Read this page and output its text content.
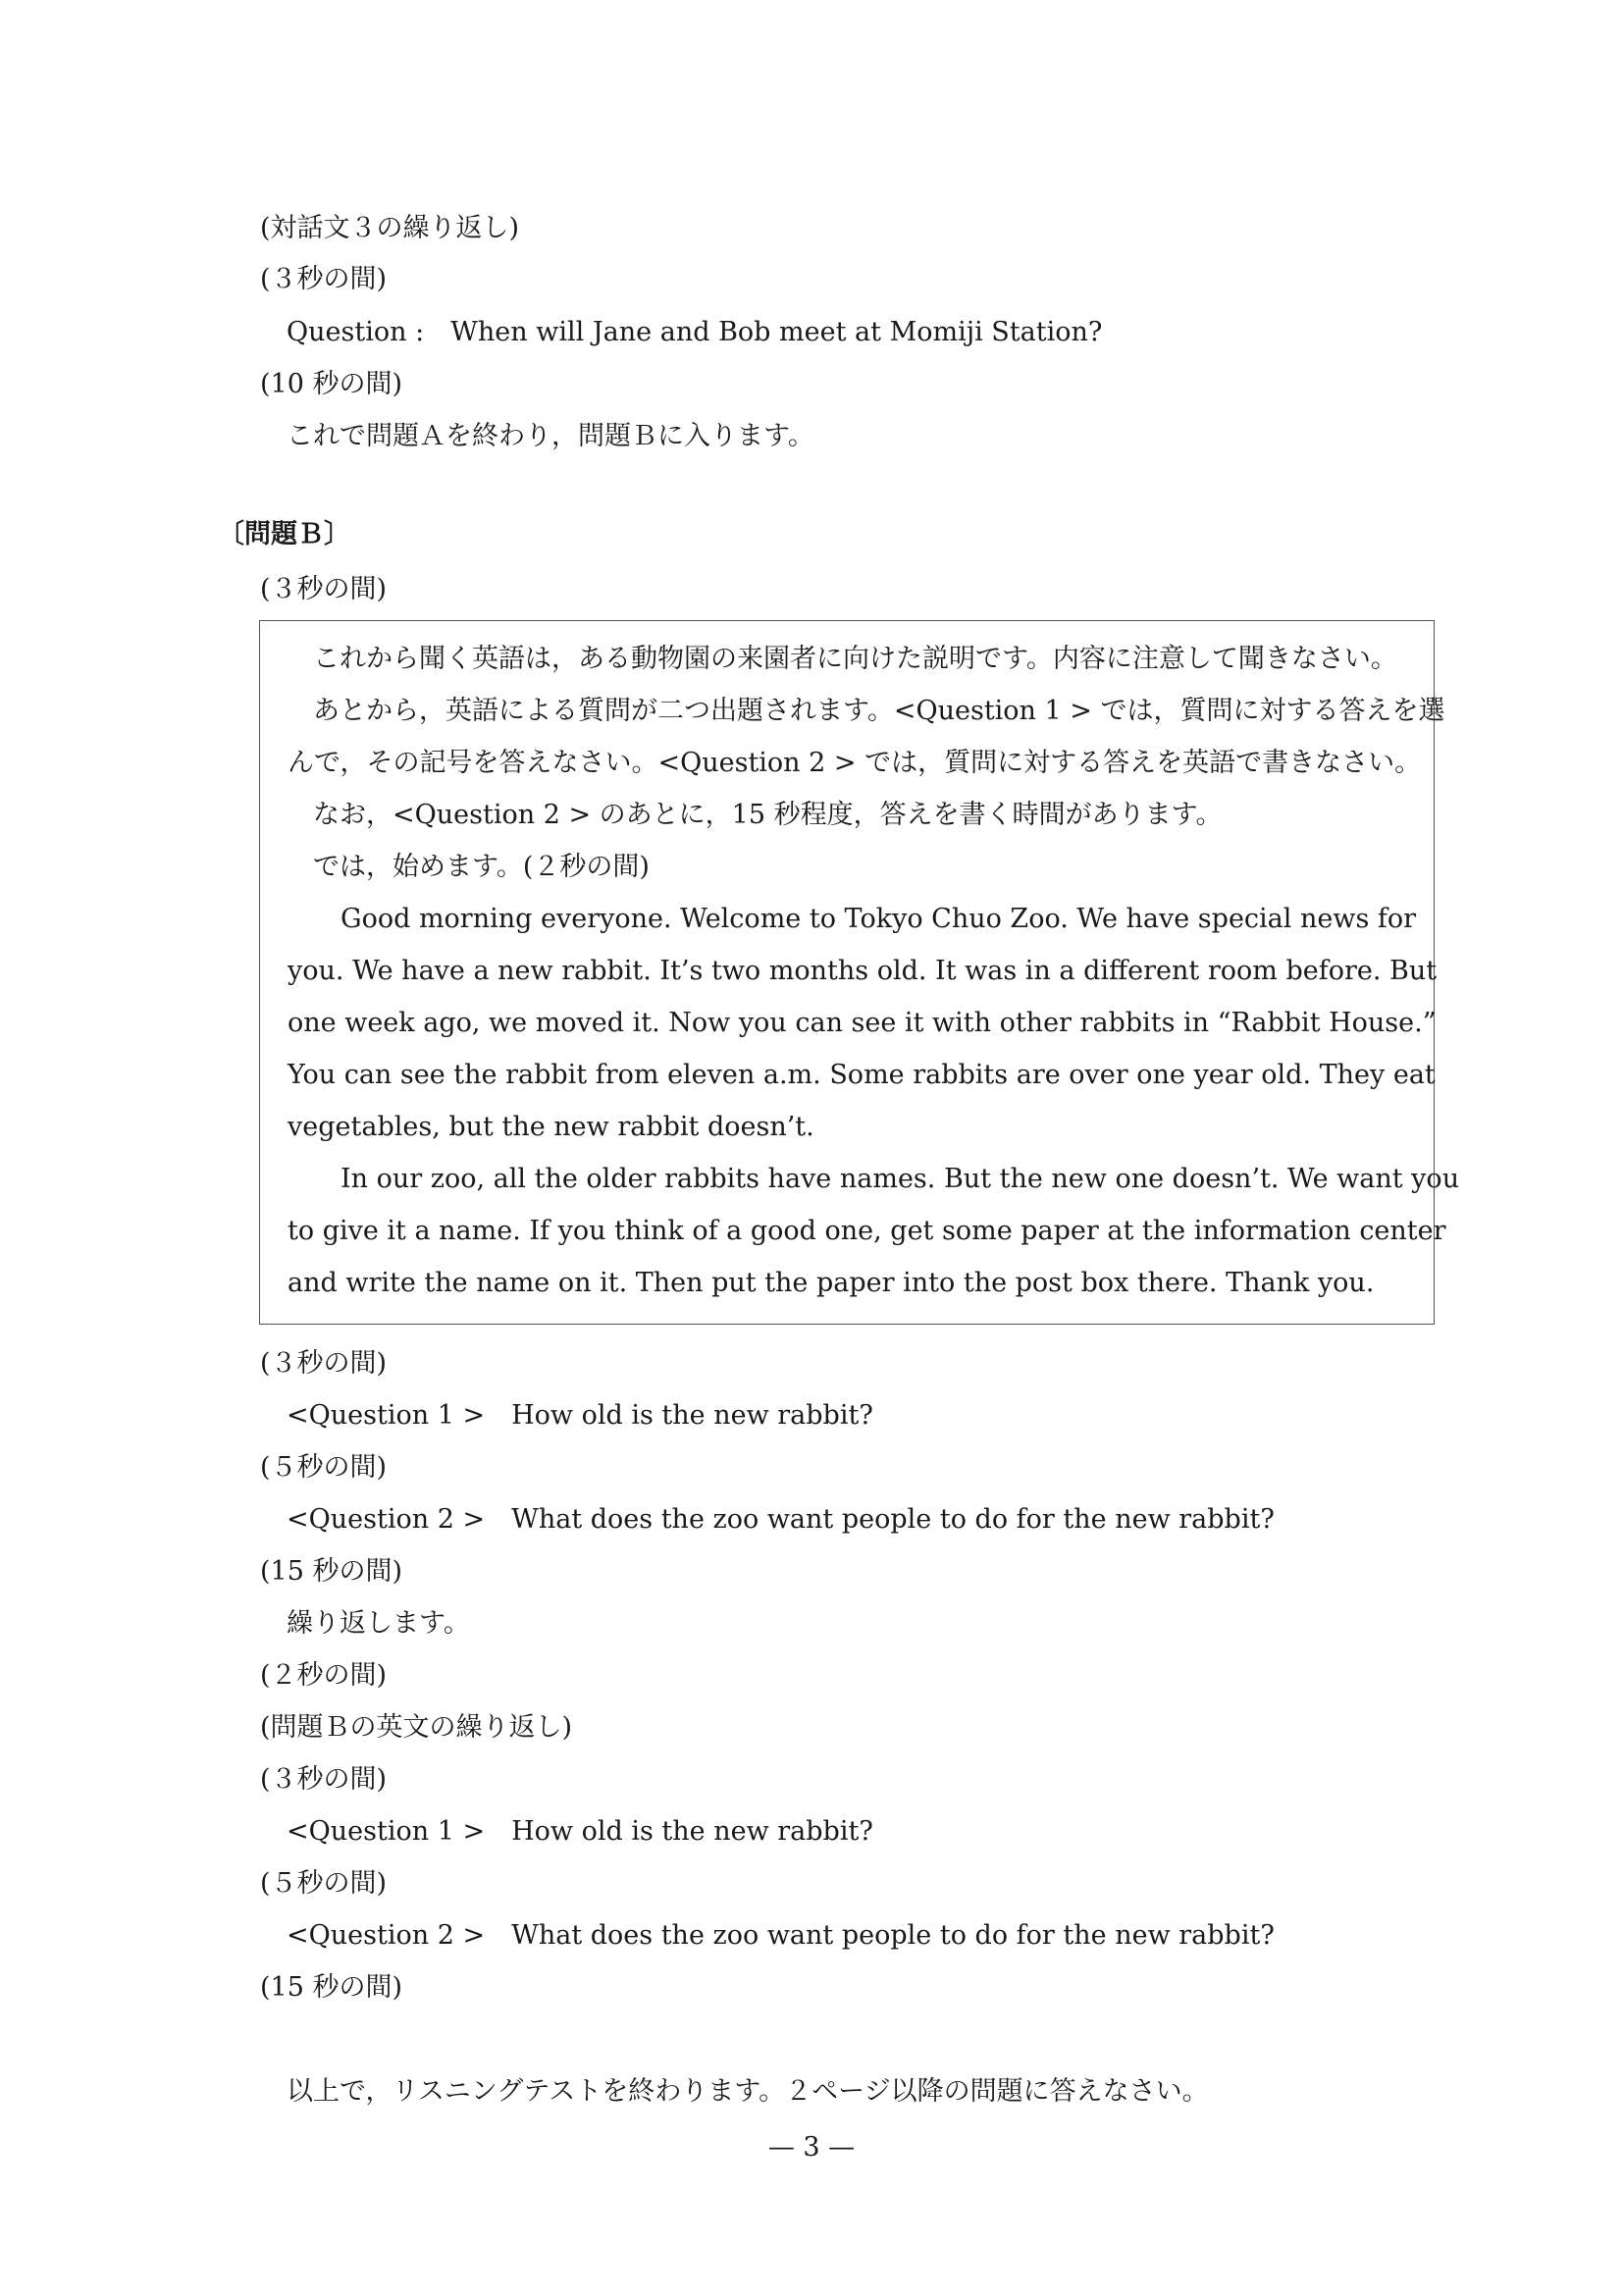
(対話文３の繰り返し)
(３秒の間)
Question :　When will Jane and Bob meet at Momiji Station?
(10 秒の間)
これで問題Ａを終わり，問題Ｂに入ります。
〔問題Ｂ〕
(３秒の間)
これから聞く英語は，ある動物園の来園者に向けた説明です。内容に注意して聞きなさい。
あとから，英語による質問が二つ出題されます。<Question 1 > では，質問に対する答えを選
んで，その記号を答えなさい。<Question 2 > では，質問に対する答えを英語で書きなさい。
なお，<Question 2 > のあとに，15 秒程度，答えを書く時間があります。
では，始めます。(２秒の間)
Good morning everyone. Welcome to Tokyo Chuo Zoo. We have special news for
you. We have a new rabbit. It’s two months old. It was in a different room before. But
one week ago, we moved it. Now you can see it with other rabbits in “Rabbit House.”
You can see the rabbit from eleven a.m. Some rabbits are over one year old. They eat
vegetables, but the new rabbit doesn’t.
In our zoo, all the older rabbits have names. But the new one doesn’t. We want you
to give it a name. If you think of a good one, get some paper at the information center
and write the name on it. Then put the paper into the post box there. Thank you.
(３秒の間)
<Question 1 >　How old is the new rabbit?
(５秒の間)
<Question 2 >　What does the zoo want people to do for the new rabbit?
(15 秒の間)
繰り返します。
(２秒の間)
(問題Ｂの英文の繰り返し)
(３秒の間)
<Question 1 >　How old is the new rabbit?
(５秒の間)
<Question 2 >　What does the zoo want people to do for the new rabbit?
(15 秒の間)
以上で，リスニングテストを終わります。２ページ以降の問題に答えなさい。
— 3 —
